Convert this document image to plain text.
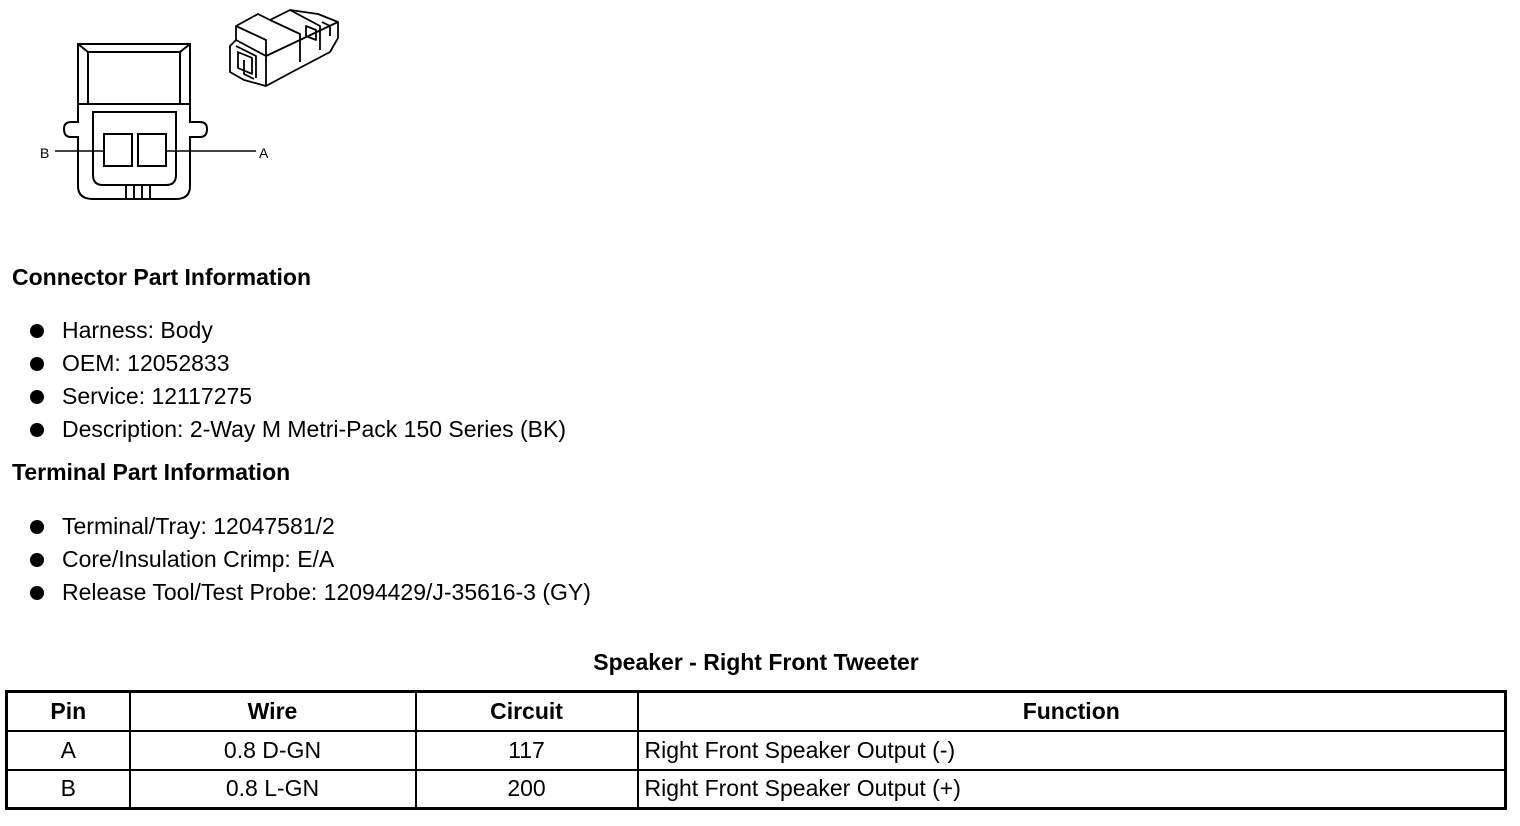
B	A
Connector Part Information
Harness: Body
OEM: 12052833
Service: 12117275
Description: 2-Way M Metri-Pack 150 Series (BK)
Terminal Part Information
Terminal/Tray: 12047581/2
Core/Insulation Crimp: E/A
Release Tool/Test Probe: 12094429/J-35616-3 (GY)
Speaker - Right Front Tweeter
Pin	Wire	Circuit	Function
A	0.8 D-GN	117	Right Front Speaker Output (-)
B	0.8 L-GN	200	Right Front Speaker Output (+)
